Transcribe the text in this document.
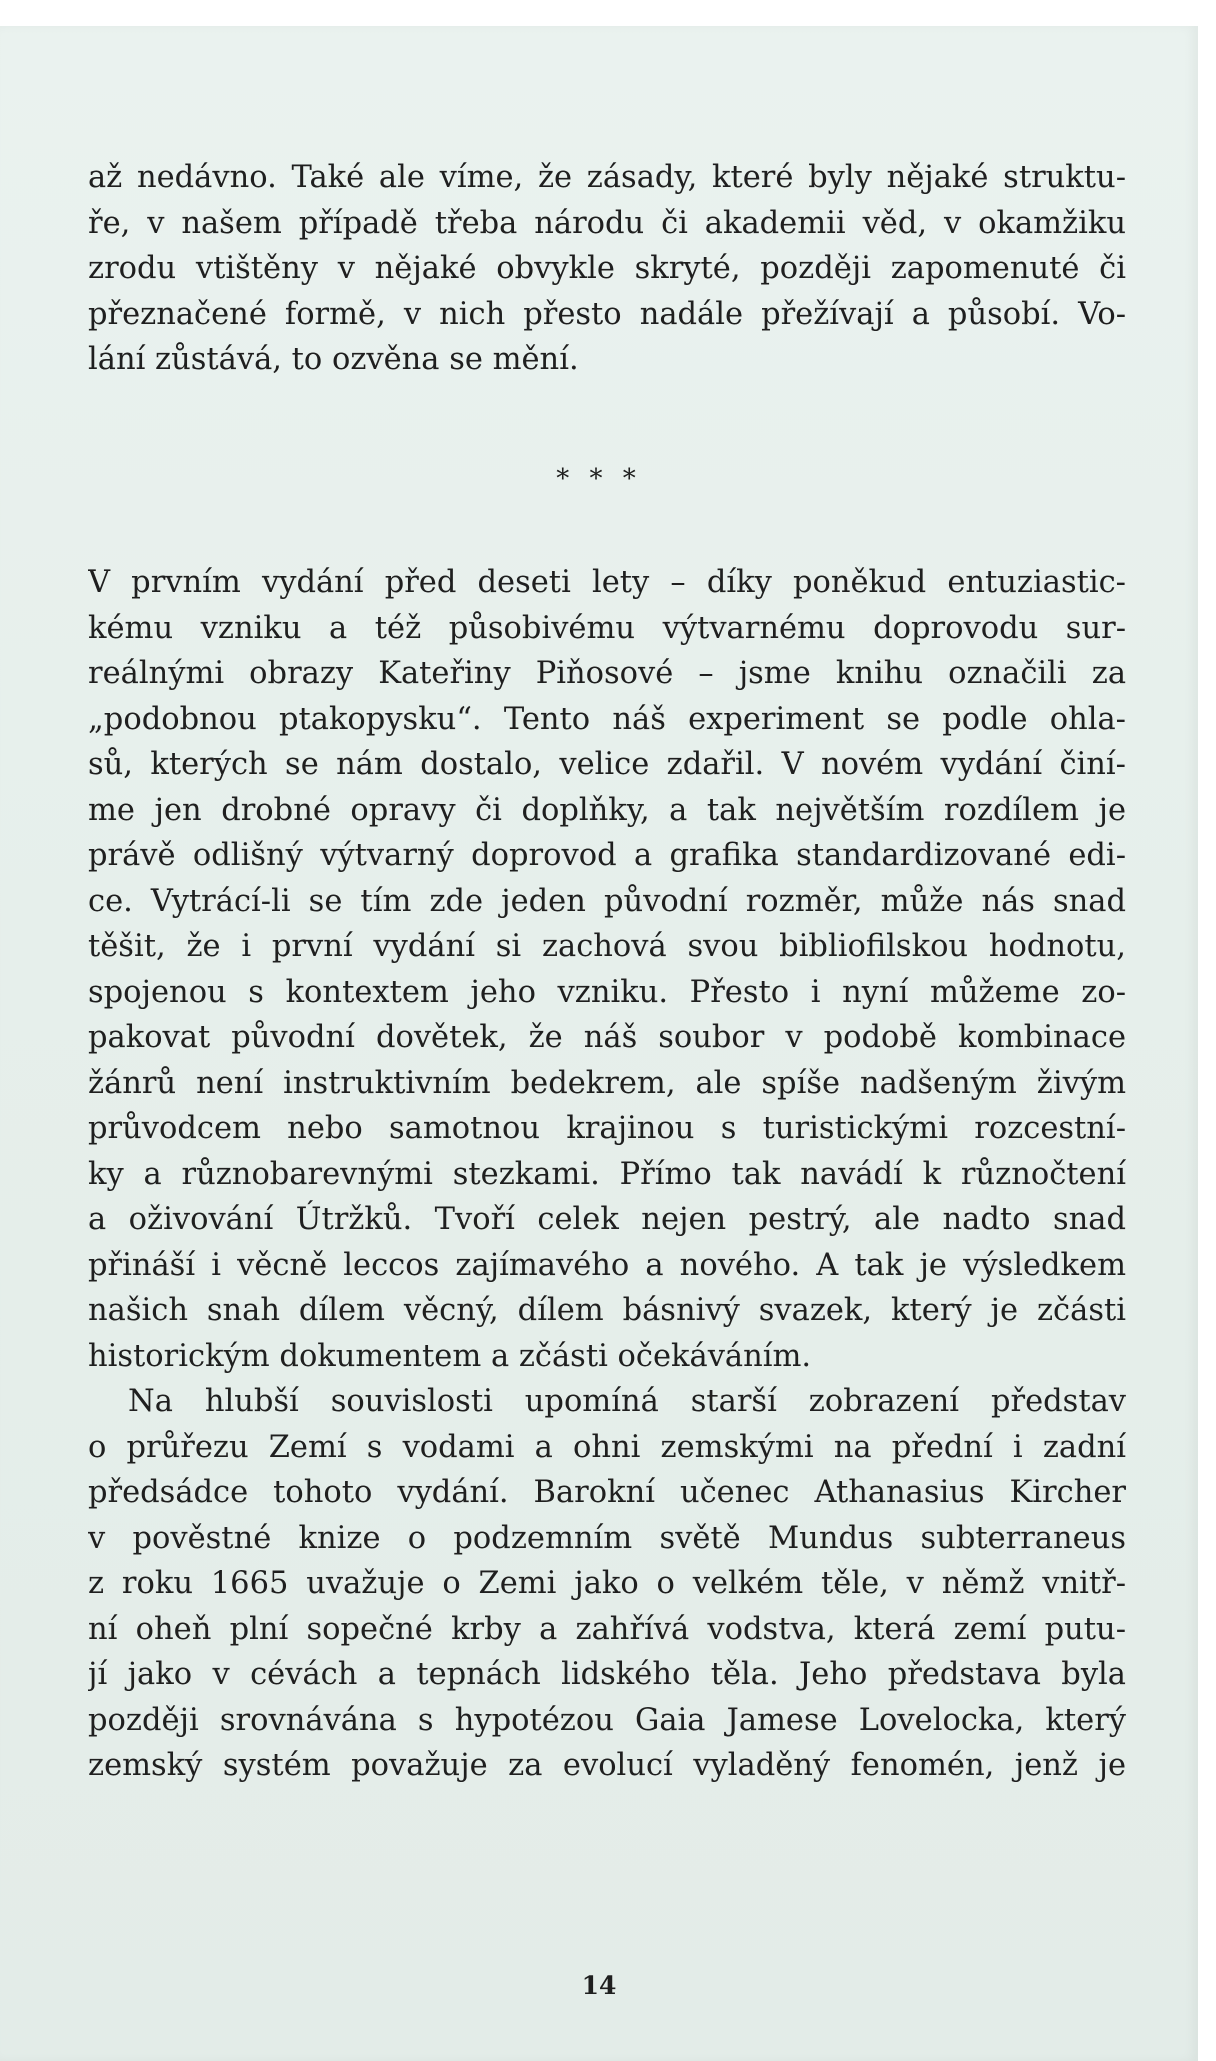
až nedávno. Také ale víme, že zásady, které byly nějaké struktu-
ře, v našem případě třeba národu či akademii věd, v okamžiku
zrodu vtištěny v nějaké obvykle skryté, později zapomenuté či
přeznačené formě, v nich přesto nadále přežívají a působí. Vo-
lání zůstává, to ozvěna se mění.
* * *
V prvním vydání před deseti lety – díky poněkud entuziastic-
kému vzniku a též působivému výtvarnému doprovodu sur-
reálnými obrazy Kateřiny Piňosové – jsme knihu označili za
„podobnou ptakopysku“. Tento náš experiment se podle ohla-
sů, kterých se nám dostalo, velice zdařil. V novém vydání činí-
me jen drobné opravy či doplňky, a tak největším rozdílem je
právě odlišný výtvarný doprovod a grafika standardizované edi-
ce. Vytrácí-li se tím zde jeden původní rozměr, může nás snad
těšit, že i první vydání si zachová svou bibliofilskou hodnotu,
spojenou s kontextem jeho vzniku. Přesto i nyní můžeme zo-
pakovat původní dovětek, že náš soubor v podobě kombinace
žánrů není instruktivním bedekrem, ale spíše nadšeným živým
průvodcem nebo samotnou krajinou s turistickými rozcestní-
ky a různobarevnými stezkami. Přímo tak navádí k různočtení
a oživování Útržků. Tvoří celek nejen pestrý, ale nadto snad
přináší i věcně leccos zajímavého a nového. A tak je výsledkem
našich snah dílem věcný, dílem básnivý svazek, který je zčásti
historickým dokumentem a zčásti očekáváním.
Na hlubší souvislosti upomíná starší zobrazení představ
o průřezu Zemí s vodami a ohni zemskými na přední i zadní
předsádce tohoto vydání. Barokní učenec Athanasius Kircher
v pověstné knize o podzemním světě Mundus subterraneus
z roku 1665 uvažuje o Zemi jako o velkém těle, v němž vnitř-
ní oheň plní sopečné krby a zahřívá vodstva, která zemí putu-
jí jako v cévách a tepnách lidského těla. Jeho představa byla
později srovnávána s hypotézou Gaia Jamese Lovelocka, který
zemský systém považuje za evolucí vyladěný fenomén, jenž je
14
